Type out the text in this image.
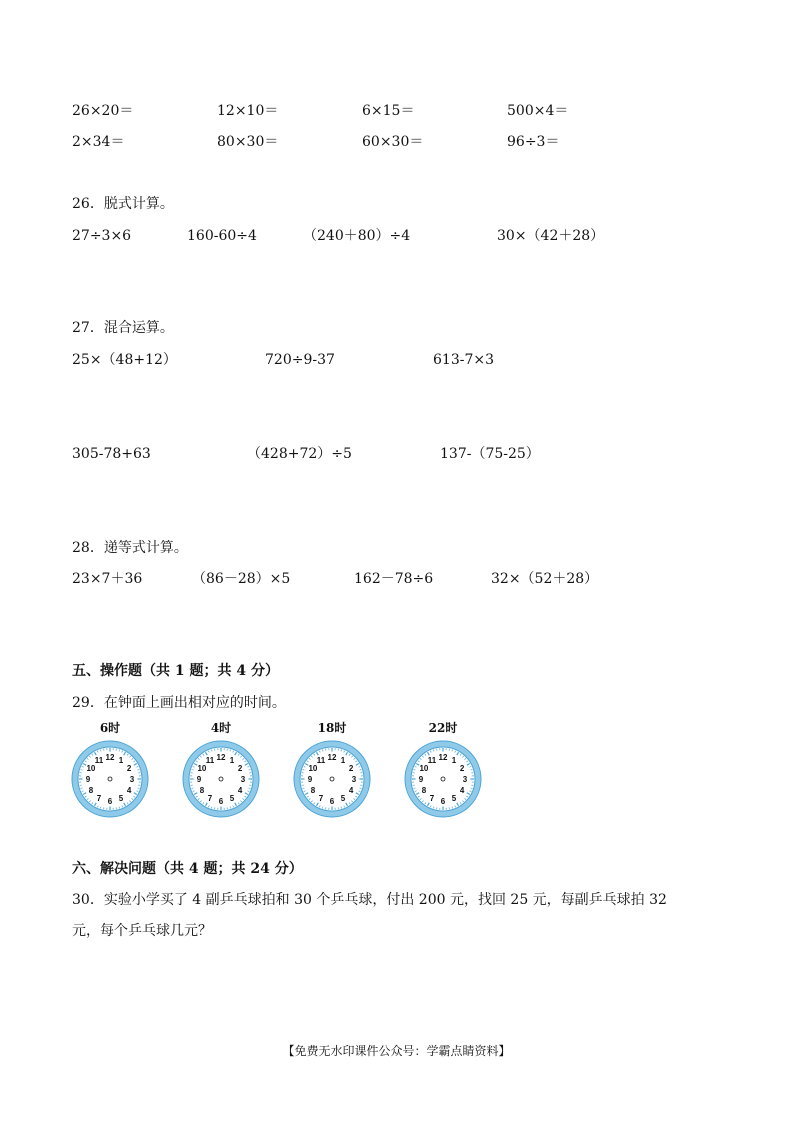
26×20＝	12×10＝	6×15＝	500×4＝
2×34＝	80×30＝	60×30＝	96÷3＝
26．脱式计算。
27÷3×6	160-60÷4	（240＋80）÷4	30×（42＋28）
27．混合运算。
25×（48+12）	720÷9-37	613-7×3
305-78+63	（428+72）÷5	137-（75-25）
28．递等式计算。
23×7＋36	（86－28）×5	162－78÷6	32×（52＋28）
五、操作题（共 1 题；共 4 分）
29．在钟面上画出相对应的时间。
6时
12 1
2
3
4
5
6
7
8
9
10
11
4时
12 1
2
3
4
5
6
7
8
9
10
11
18时
12 1
2
3
4
5
6
7
8
9
10
11
22时
12 1
2
3
4
5
6
7
8
9
10
11
六、解决问题（共 4 题；共 24 分）
30．实验小学买了 4 副乒乓球拍和 30 个乒乓球，付出 200 元，找回 25 元，每副乒乓球拍 32
元，每个乒乓球几元？
【免费无水印课件公众号：学霸点睛资料】
